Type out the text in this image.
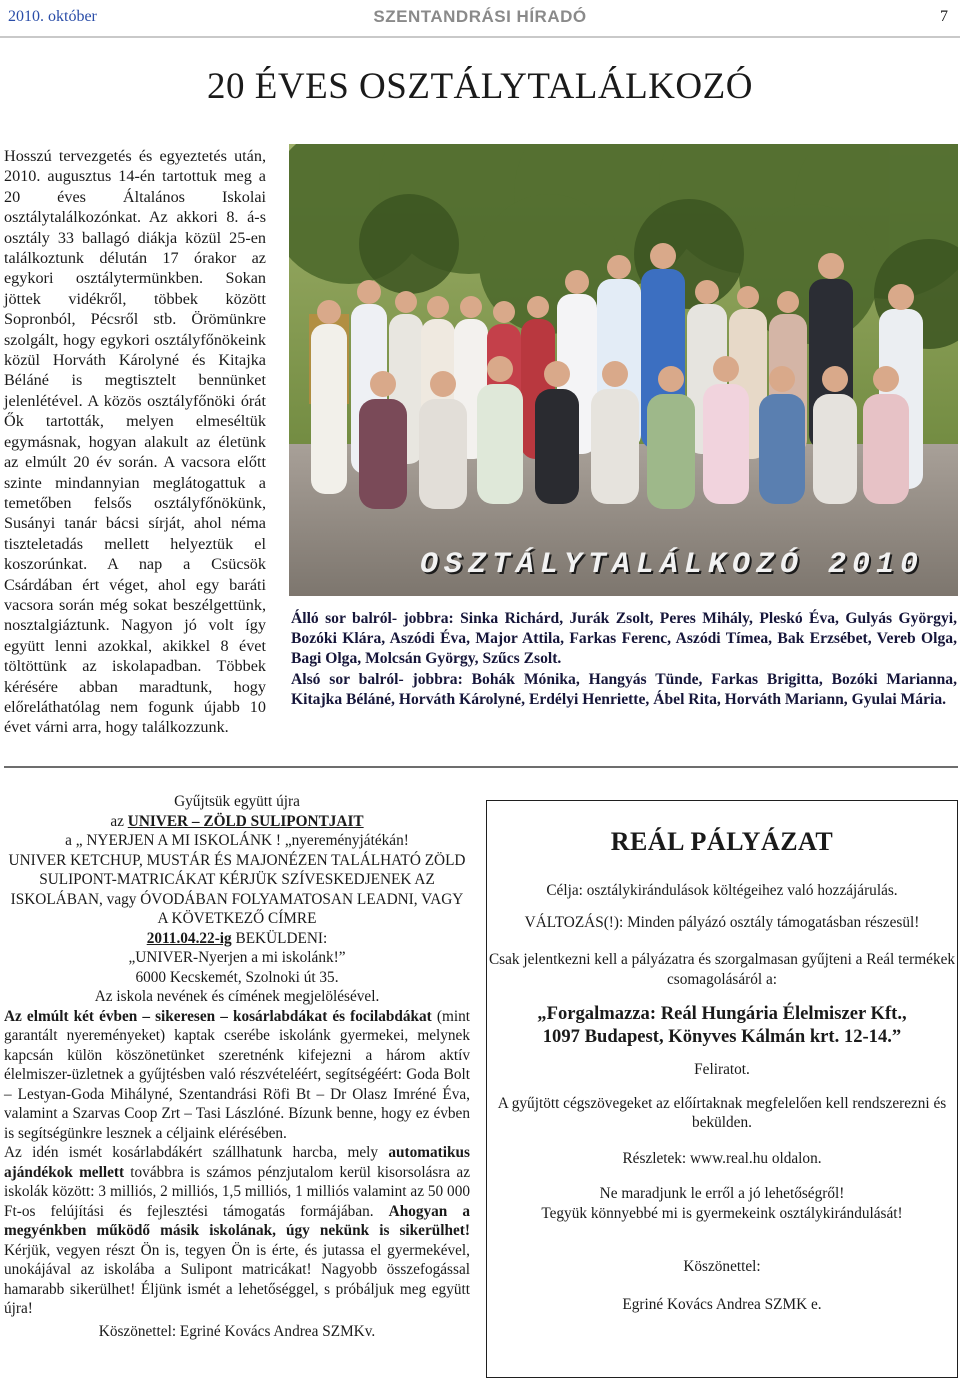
2010. október	SZENTANDRÁSI HÍRADÓ	7
20 ÉVES OSZTÁLYTALÁLKOZÓ

Hosszú tervezgetés és egyeztetés után, 2010. augusztus 14-én tartottuk meg a 20 éves Általános Iskolai osztálytalálkozónkat. Az akkori 8. á-s osztály 33 ballagó diákja közül 25-en találkoztunk délután 17 órakor az egykori osztálytermünkben. Sokan jöttek vidékről, többek között Sopronból, Pécsről stb. Örömünkre szolgált, hogy egykori osztályfőnökeink közül Horváth Károlyné és Kitajka Béláné is megtisztelt bennünket jelenlétével. A közös osztályfőnöki órát Ők tartották, melyen elmeséltük egymásnak, hogyan alakult az életünk az elmúlt 20 év során. A vacsora előtt szinte mindannyian meglátogattuk a temetőben felsős osztályfőnökünk, Susányi tanár bácsi sírját, ahol néma tiszteletadás mellett helyeztük el koszorúnkat. A nap a Csücsök Csárdában ért véget, ahol egy baráti vacsora során még sokat beszélgettünk, nosztalgiáztunk. Nagyon jó volt így együtt lenni azokkal, akikkel 8 évet töltöttünk az iskolapadban. Többek kérésére abban maradtunk, hogy előreláthatólag nem fogunk újabb 10 évet várni arra, hogy találkozzunk.

OSZTÁLYTALÁLKOZÓ 2010
Álló sor balról- jobbra: Sinka Richárd, Jurák Zsolt, Peres Mihály, Pleskó Éva, Gulyás Györgyi, Bozóki Klára, Aszódi Éva, Major Attila, Farkas Ferenc, Aszódi Tímea, Bak Erzsébet, Vereb Olga, Bagi Olga, Molcsán György, Szűcs Zsolt.
Alsó sor balról- jobbra: Bohák Mónika, Hangyás Tünde, Farkas Brigitta, Bozóki Marianna, Kitajka Béláné, Horváth Károlyné, Erdélyi Henriette, Ábel Rita, Horváth Mariann, Gyulai Mária.
Gyűjtsük együtt újra
az UNIVER – ZÖLD SULIPONTJAIT
a „ NYERJEN A MI ISKOLÁNK ! „nyereményjátékán!
UNIVER KETCHUP, MUSTÁR ÉS MAJONÉZEN TALÁLHATÓ ZÖLD SULIPONT-MATRICÁKAT KÉRJÜK SZÍVESKEDJENEK AZ ISKOLÁBAN, vagy ÓVODÁBAN FOLYAMATOSAN LEADNI, VAGY A KÖVETKEZŐ CÍMRE
2011.04.22-ig BEKÜLDENI:
„UNIVER-Nyerjen a mi iskolánk!”
6000 Kecskemét, Szolnoki út 35.
Az iskola nevének és címének megjelölésével.
Az elmúlt két évben – sikeresen – kosárlabdákat és focilabdákat (mint garantált nyereményeket) kaptak cserébe iskolánk gyermekei, melynek kapcsán külön köszönetünket szeretnénk kifejezni a három aktív élelmiszer-üzletnek a gyűjtésben való részvételéért, segítségéért: Goda Bolt – Lestyan-Goda Mihályné, Szentandrási Röfi Bt – Dr Olasz Imréné Éva, valamint a Szarvas Coop Zrt – Tasi Lászlóné. Bízunk benne, hogy ez évben is segítségünkre lesznek a céljaink elérésében.
Az idén ismét kosárlabdákért szállhatunk harcba, mely automatikus ajándékok mellett továbbra is számos pénzjutalom kerül kisorsolásra az iskolák között: 3 milliós, 2 milliós, 1,5 milliós, 1 milliós valamint az 50 000 Ft-os felújítási és fejlesztési támogatás formájában. Ahogyan a megyénkben működő másik iskolának, úgy nekünk is sikerülhet! Kérjük, vegyen részt Ön is, tegyen Ön is érte, és jutassa el gyermekével, unokájával az iskolába a Sulipont matricákat! Nagyobb összefogással hamarabb sikerülhet! Éljünk ismét a lehetőséggel, s próbáljuk meg együtt újra!
Köszönettel: Egriné Kovács Andrea SZMKv.
REÁL PÁLYÁZAT

Célja: osztálykirándulások költégeihez való hozzájárulás.

VÁLTOZÁS(!): Minden pályázó osztály támogatásban részesül!

Csak jelentkezni kell a pályázatra és szorgalmasan gyűjteni a Reál termékek csomagolásáról a:

„Forgalmazza: Reál Hungária Élelmiszer Kft.,
1097 Budapest, Könyves Kálmán krt. 12-14.”

Feliratot.

A gyűjtött cégszövegeket az előírtaknak megfelelően kell rendszerezni és bekülden.

Részletek: www.real.hu oldalon.

Ne maradjunk le erről a jó lehetőségről!
Tegyük könnyebbé mi is gyermekeink osztálykirándulását!

Köszönettel:

Egriné Kovács Andrea SZMK e.
